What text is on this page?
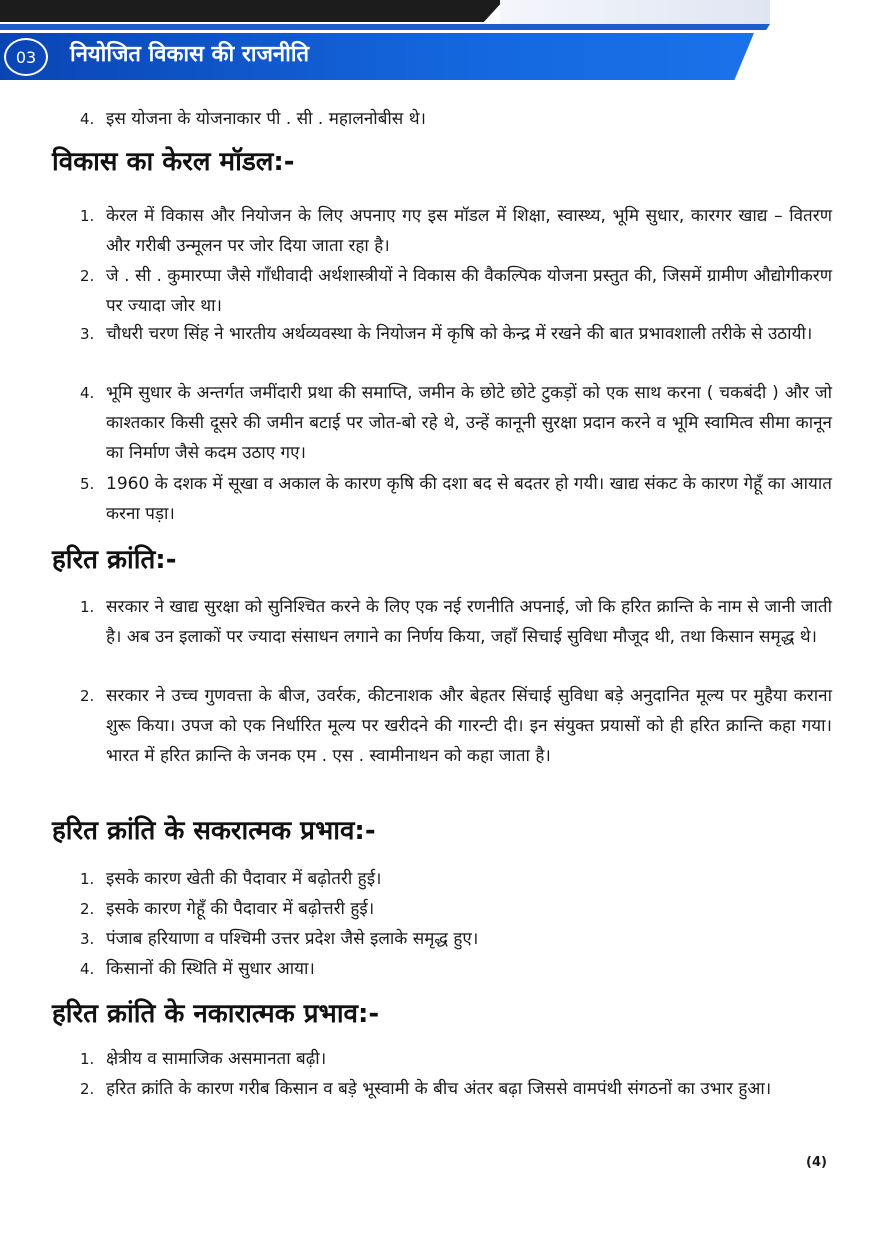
03	नियोजित विकास की राजनीति
4. इस योजना के योजनाकार पी . सी . महालनोबीस थे।
विकास का केरल मॉडल:-
1. केरल में विकास और नियोजन के लिए अपनाए गए इस मॉडल में शिक्षा, स्वास्थ्य, भूमि सुधार, कारगर खाद्य – वितरण और गरीबी उन्मूलन पर जोर दिया जाता रहा है।
2. जे . सी . कुमारप्पा जैसे गाँधीवादी अर्थशास्त्रीयों ने विकास की वैकल्पिक योजना प्रस्तुत की, जिसमें ग्रामीण औद्योगीकरण पर ज्यादा जोर था।
3. चौधरी चरण सिंह ने भारतीय अर्थव्यवस्था के नियोजन में कृषि को केन्द्र में रखने की बात प्रभावशाली तरीके से उठायी।
4. भूमि सुधार के अन्तर्गत जमींदारी प्रथा की समाप्ति, जमीन के छोटे छोटे टुकड़ों को एक साथ करना ( चकबंदी ) और जो काश्तकार किसी दूसरे की जमीन बटाई पर जोत-बो रहे थे, उन्हें कानूनी सुरक्षा प्रदान करने व भूमि स्वामित्व सीमा कानून का निर्माण जैसे कदम उठाए गए।
5. 1960 के दशक में सूखा व अकाल के कारण कृषि की दशा बद से बदतर हो गयी। खाद्य संकट के कारण गेहूँ का आयात करना पड़ा।
हरित क्रांति:-
1. सरकार ने खाद्य सुरक्षा को सुनिश्चित करने के लिए एक नई रणनीति अपनाई, जो कि हरित क्रान्ति के नाम से जानी जाती है। अब उन इलाकों पर ज्यादा संसाधन लगाने का निर्णय किया, जहाँ सिचाई सुविधा मौजूद थी, तथा किसान समृद्ध थे।
2. सरकार ने उच्च गुणवत्ता के बीज, उवर्रक, कीटनाशक और बेहतर सिंचाई सुविधा बड़े अनुदानित मूल्य पर मुहैया कराना शुरू किया। उपज को एक निर्धारित मूल्य पर खरीदने की गारन्टी दी। इन संयुक्त प्रयासों को ही हरित क्रान्ति कहा गया। भारत में हरित क्रान्ति के जनक एम . एस . स्वामीनाथन को कहा जाता है।
हरित क्रांति के सकरात्मक प्रभाव:-
1. इसके कारण खेती की पैदावार में बढ़ोतरी हुई।
2. इसके कारण गेहूँ की पैदावार में बढ़ोत्तरी हुई।
3. पंजाब हरियाणा व पश्चिमी उत्तर प्रदेश जैसे इलाके समृद्ध हुए।
4. किसानों की स्थिति में सुधार आया।
हरित क्रांति के नकारात्मक प्रभाव:-
1. क्षेत्रीय व सामाजिक असमानता बढ़ी।
2. हरित क्रांति के कारण गरीब किसान व बड़े भूस्वामी के बीच अंतर बढ़ा जिससे वामपंथी संगठनों का उभार हुआ।
(4)
